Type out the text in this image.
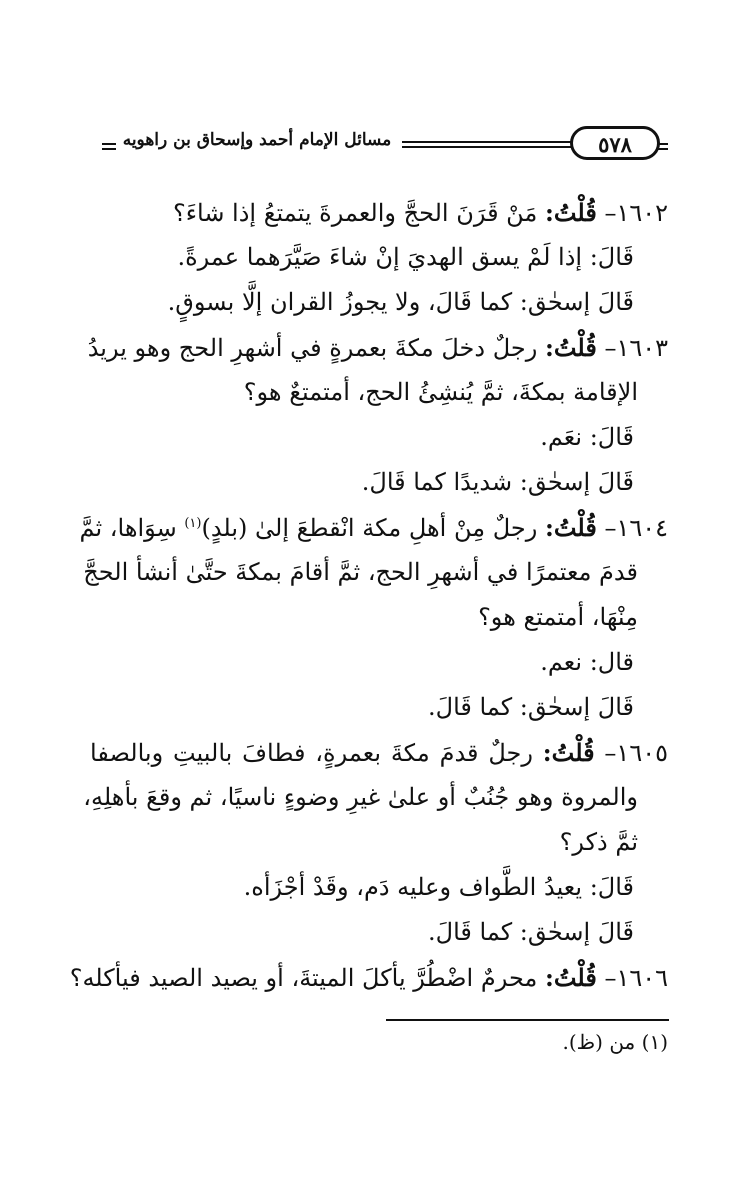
مسائل الإمام أحمد وإسحاق بن راهويه	٥٧٨
١٦٠٢– قُلْتُ: مَنْ قَرَنَ الحجَّ والعمرةَ يتمتعُ إذا شاءَ؟
قَالَ: إذا لَمْ يسق الهديَ إنْ شاءَ صَيَّرَهما عمرةً.
قَالَ إسحٰق: كما قَالَ، ولا يجوزُ القران إلَّا بسوقٍ.
١٦٠٣– قُلْتُ: رجلٌ دخلَ مكةَ بعمرةٍ في أشهرِ الحج وهو يريدُ
الإقامة بمكةَ، ثمَّ يُنشِئُ الحج، أمتمتعٌ هو؟
قَالَ: نعَم.
قَالَ إسحٰق: شديدًا كما قَالَ.
١٦٠٤– قُلْتُ: رجلٌ مِنْ أهلِ مكة انْقطعَ إلىٰ (بلدٍ)$^{(١)}$ سِوَاها، ثمَّ
قدمَ معتمرًا في أشهرِ الحج، ثمَّ أقامَ بمكةَ حتَّىٰ أنشأ الحجَّ
مِنْهَا، أمتمتع هو؟
قال: نعم.
قَالَ إسحٰق: كما قَالَ.
١٦٠٥– قُلْتُ: رجلٌ قدمَ مكةَ بعمرةٍ، فطافَ بالبيتِ وبالصفا
والمروة وهو جُنُبٌ أو علىٰ غيرِ وضوءٍ ناسيًا، ثم وقعَ بأهلِهِ،
ثمَّ ذكر؟
قَالَ: يعيدُ الطَّواف وعليه دَم، وقَدْ أجْزَأه.
قَالَ إسحٰق: كما قَالَ.
١٦٠٦– قُلْتُ: محرمٌ اضْطُرَّ يأكلَ الميتةَ، أو يصيد الصيد فيأكله؟
(١) من (ظ).
